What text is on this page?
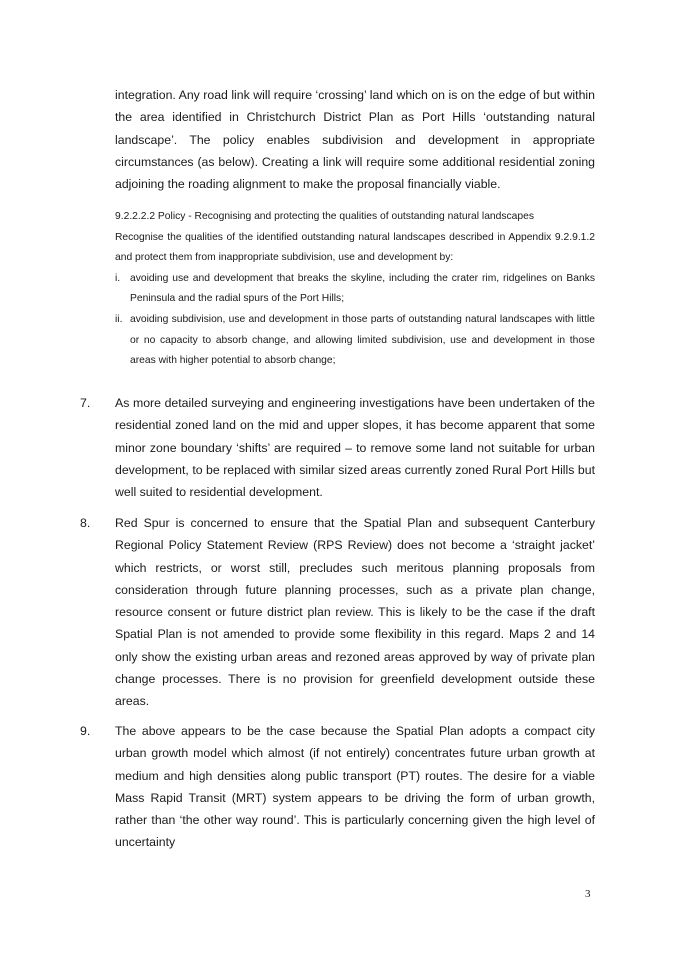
integration. Any road link will require ‘crossing’ land which on is on the edge of but within the area identified in Christchurch District Plan as Port Hills ‘outstanding natural landscape’. The policy enables subdivision and development in appropriate circumstances (as below). Creating a link will require some additional residential zoning adjoining the roading alignment to make the proposal financially viable.

9.2.2.2.2 Policy - Recognising and protecting the qualities of outstanding natural landscapes
Recognise the qualities of the identified outstanding natural landscapes described in Appendix 9.2.9.1.2 and protect them from inappropriate subdivision, use and development by:
i. avoiding use and development that breaks the skyline, including the crater rim, ridgelines on Banks Peninsula and the radial spurs of the Port Hills;
ii. avoiding subdivision, use and development in those parts of outstanding natural landscapes with little or no capacity to absorb change, and allowing limited subdivision, use and development in those areas with higher potential to absorb change;
7.	As more detailed surveying and engineering investigations have been undertaken of the residential zoned land on the mid and upper slopes, it has become apparent that some minor zone boundary ‘shifts’ are required – to remove some land not suitable for urban development, to be replaced with similar sized areas currently zoned Rural Port Hills but well suited to residential development.
8.	Red Spur is concerned to ensure that the Spatial Plan and subsequent Canterbury Regional Policy Statement Review (RPS Review) does not become a ‘straight jacket’ which restricts, or worst still, precludes such meritous planning proposals from consideration through future planning processes, such as a private plan change, resource consent or future district plan review. This is likely to be the case if the draft Spatial Plan is not amended to provide some flexibility in this regard. Maps 2 and 14 only show the existing urban areas and rezoned areas approved by way of private plan change processes. There is no provision for greenfield development outside these areas.
9.	The above appears to be the case because the Spatial Plan adopts a compact city urban growth model which almost (if not entirely) concentrates future urban growth at medium and high densities along public transport (PT) routes. The desire for a viable Mass Rapid Transit (MRT) system appears to be driving the form of urban growth, rather than ‘the other way round’. This is particularly concerning given the high level of uncertainty
3
